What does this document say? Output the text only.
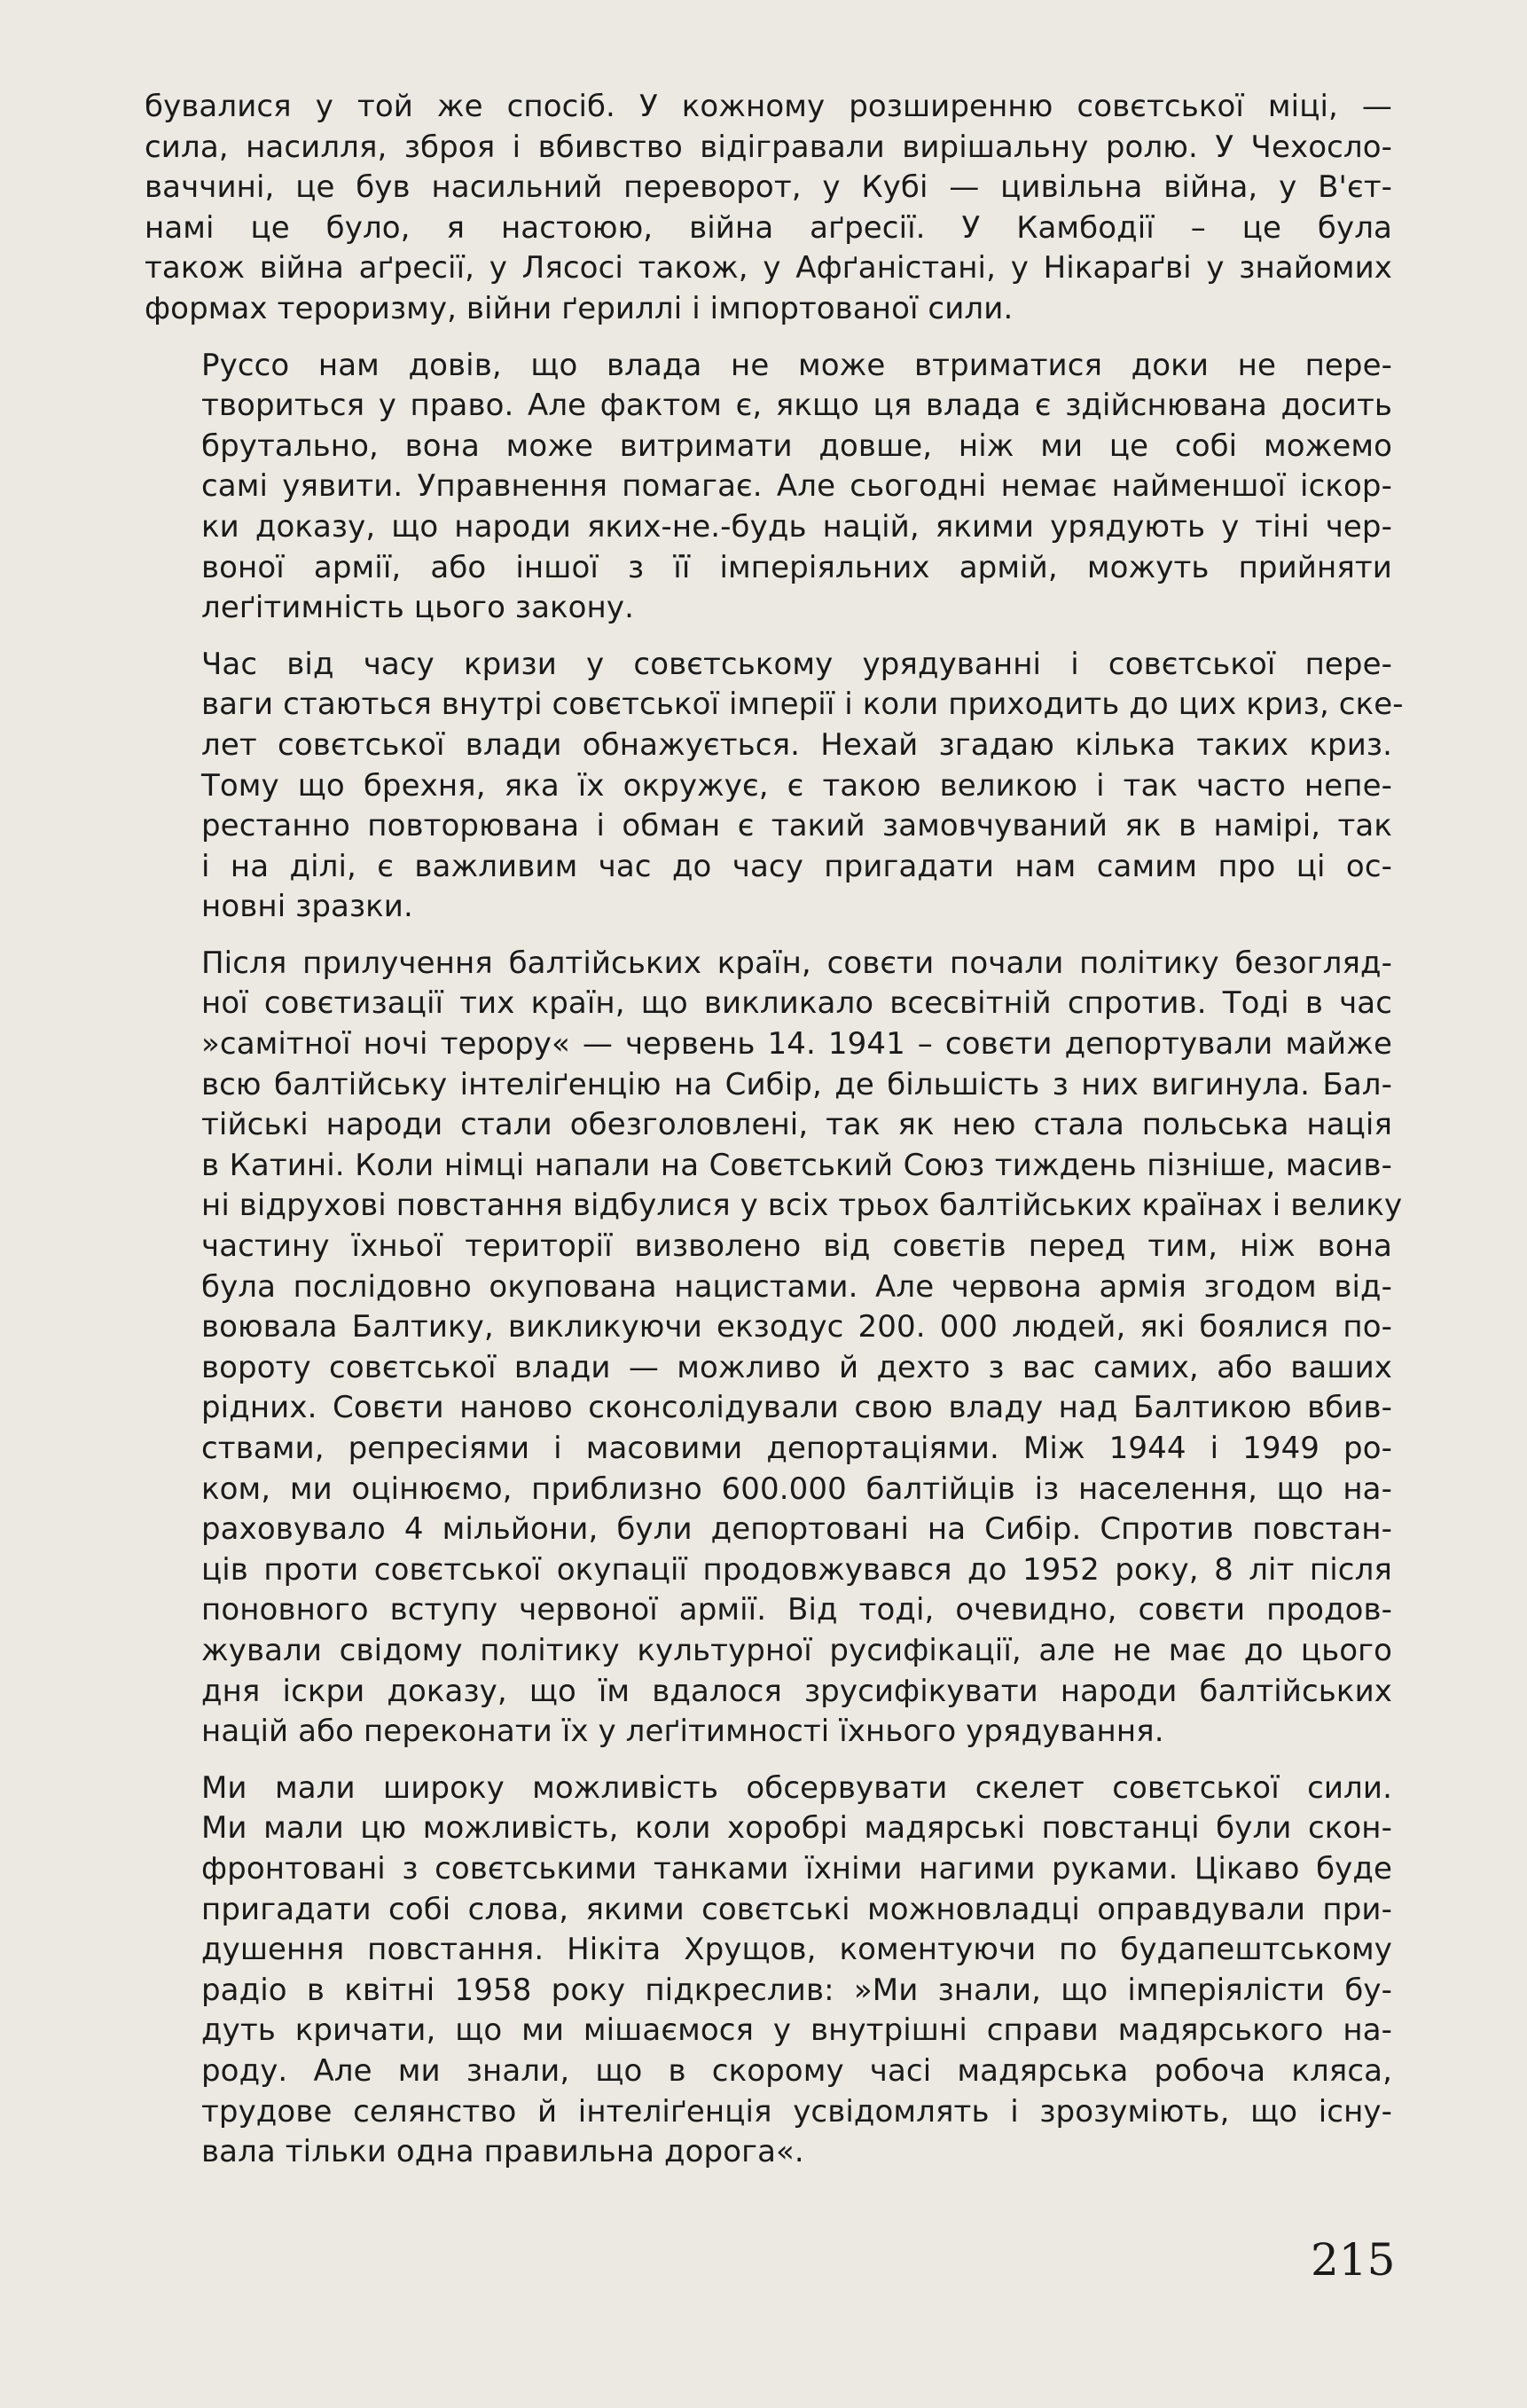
бувалися у той же спосіб. У кожному розширенню совєтської міці, —
сила, насилля, зброя і вбивство відігравали вирішальну ролю. У Чехосло-
ваччині, це був насильний переворот, у Кубі — цивільна війна, у В'єт-
намі це було, я настоюю, війна аґресії. У Камбодії – це була
також війна аґресії, у Лясосі також, у Афґаністані, у Нікараґві у знайомих
формах терoризму, війни ґериллі і імпортованої сили.

Руссо нам довів, що влада не може втриматися доки не пере-
твориться у право. Але фактом є, якщо ця влада є здійснювана досить
брутально, вона може витримати довше, ніж ми це собі можемо
самі уявити. Управнення помагає. Але сьогодні немає найменшої іскор-
ки доказу, що народи яких-не.-будь націй, якими урядують у тіні чер-
воної армії, або іншої з її імперіяльних армій, можуть прийняти
леґітимність цього закону.

Час від часу кризи у совєтському урядуванні і совєтської пере-
ваги стаються внутрі совєтської імперії і коли приходить до цих криз, ске-
лет совєтської влади обнажується. Нехай згадаю кілька таких криз.
Тому що брехня, яка їх окружує, є такою великою і так часто непе-
рестанно повторювана і обман є такий замовчуваний як в намірі, так
і на ділі, є важливим час до часу пригадати нам самим про ці ос-
новні зразки.

Після прилучення балтійських країн, совєти почали політику безогляд-
ної совєтизації тих країн, що викликало всесвітній спротив. Тоді в час
»самітної ночі терору« — червень 14. 1941 – совєти депортували майже
всю балтійську інтеліґенцію на Сибір, де більшість з них вигинула. Бал-
тійські народи стали обезголовлені, так як нею стала польська нація
в Катині. Коли німці напали на Совєтський Союз тиждень пізніше, масив-
ні відрухові повстання відбулися у всіх трьох балтійських країнах і велику
частину їхньої території визволено від совєтів перед тим, ніж вона
була послідовно окупована нацистами. Але червона армія згодом від-
воювала Балтику, викликуючи екзодус 200. 000 людей, які боялися по-
вороту совєтської влади — можливо й дехто з вас самих, або ваших
рідних. Совєти наново сконсолідували свою владу над Балтикою вбив-
ствами, репресіями і масовими депортаціями. Між 1944 і 1949 ро-
ком, ми оцінюємо, приблизно 600.000 балтійців із населення, що на-
раховувало 4 мільйони, були депортовані на Сибір. Спротив повстан-
ців проти совєтської окупації продовжувався до 1952 року, 8 літ після
поновного вступу червоної армії. Від тоді, очевидно, совєти продов-
жували свідому політику культурної русифікації, але не має до цього
дня іскри доказу, що їм вдалося зрусифікувати народи балтійських
націй або переконати їх у леґітимності їхнього урядування.

Ми мали широку можливість обсервувати скелет совєтської сили.
Ми мали цю можливість, коли хоробрі мадярські повстанці були скон-
фронтовані з совєтськими танками їхніми нагими руками. Цікаво буде
пригадати собі слова, якими совєтські можновладці оправдували при-
душення повстання. Нікіта Хрущов, коментуючи по будапештському
радіо в квітні 1958 року підкреслив: »Ми знали, що імперіялісти бу-
дуть кричати, що ми мішаємося у внутрішні справи мадярського на-
роду. Але ми знали, що в скорому часі мадярська робоча кляса,
трудове селянство й інтеліґенція усвідомлять і зрозуміють, що існу-
вала тільки одна правильна дорога«.

215
